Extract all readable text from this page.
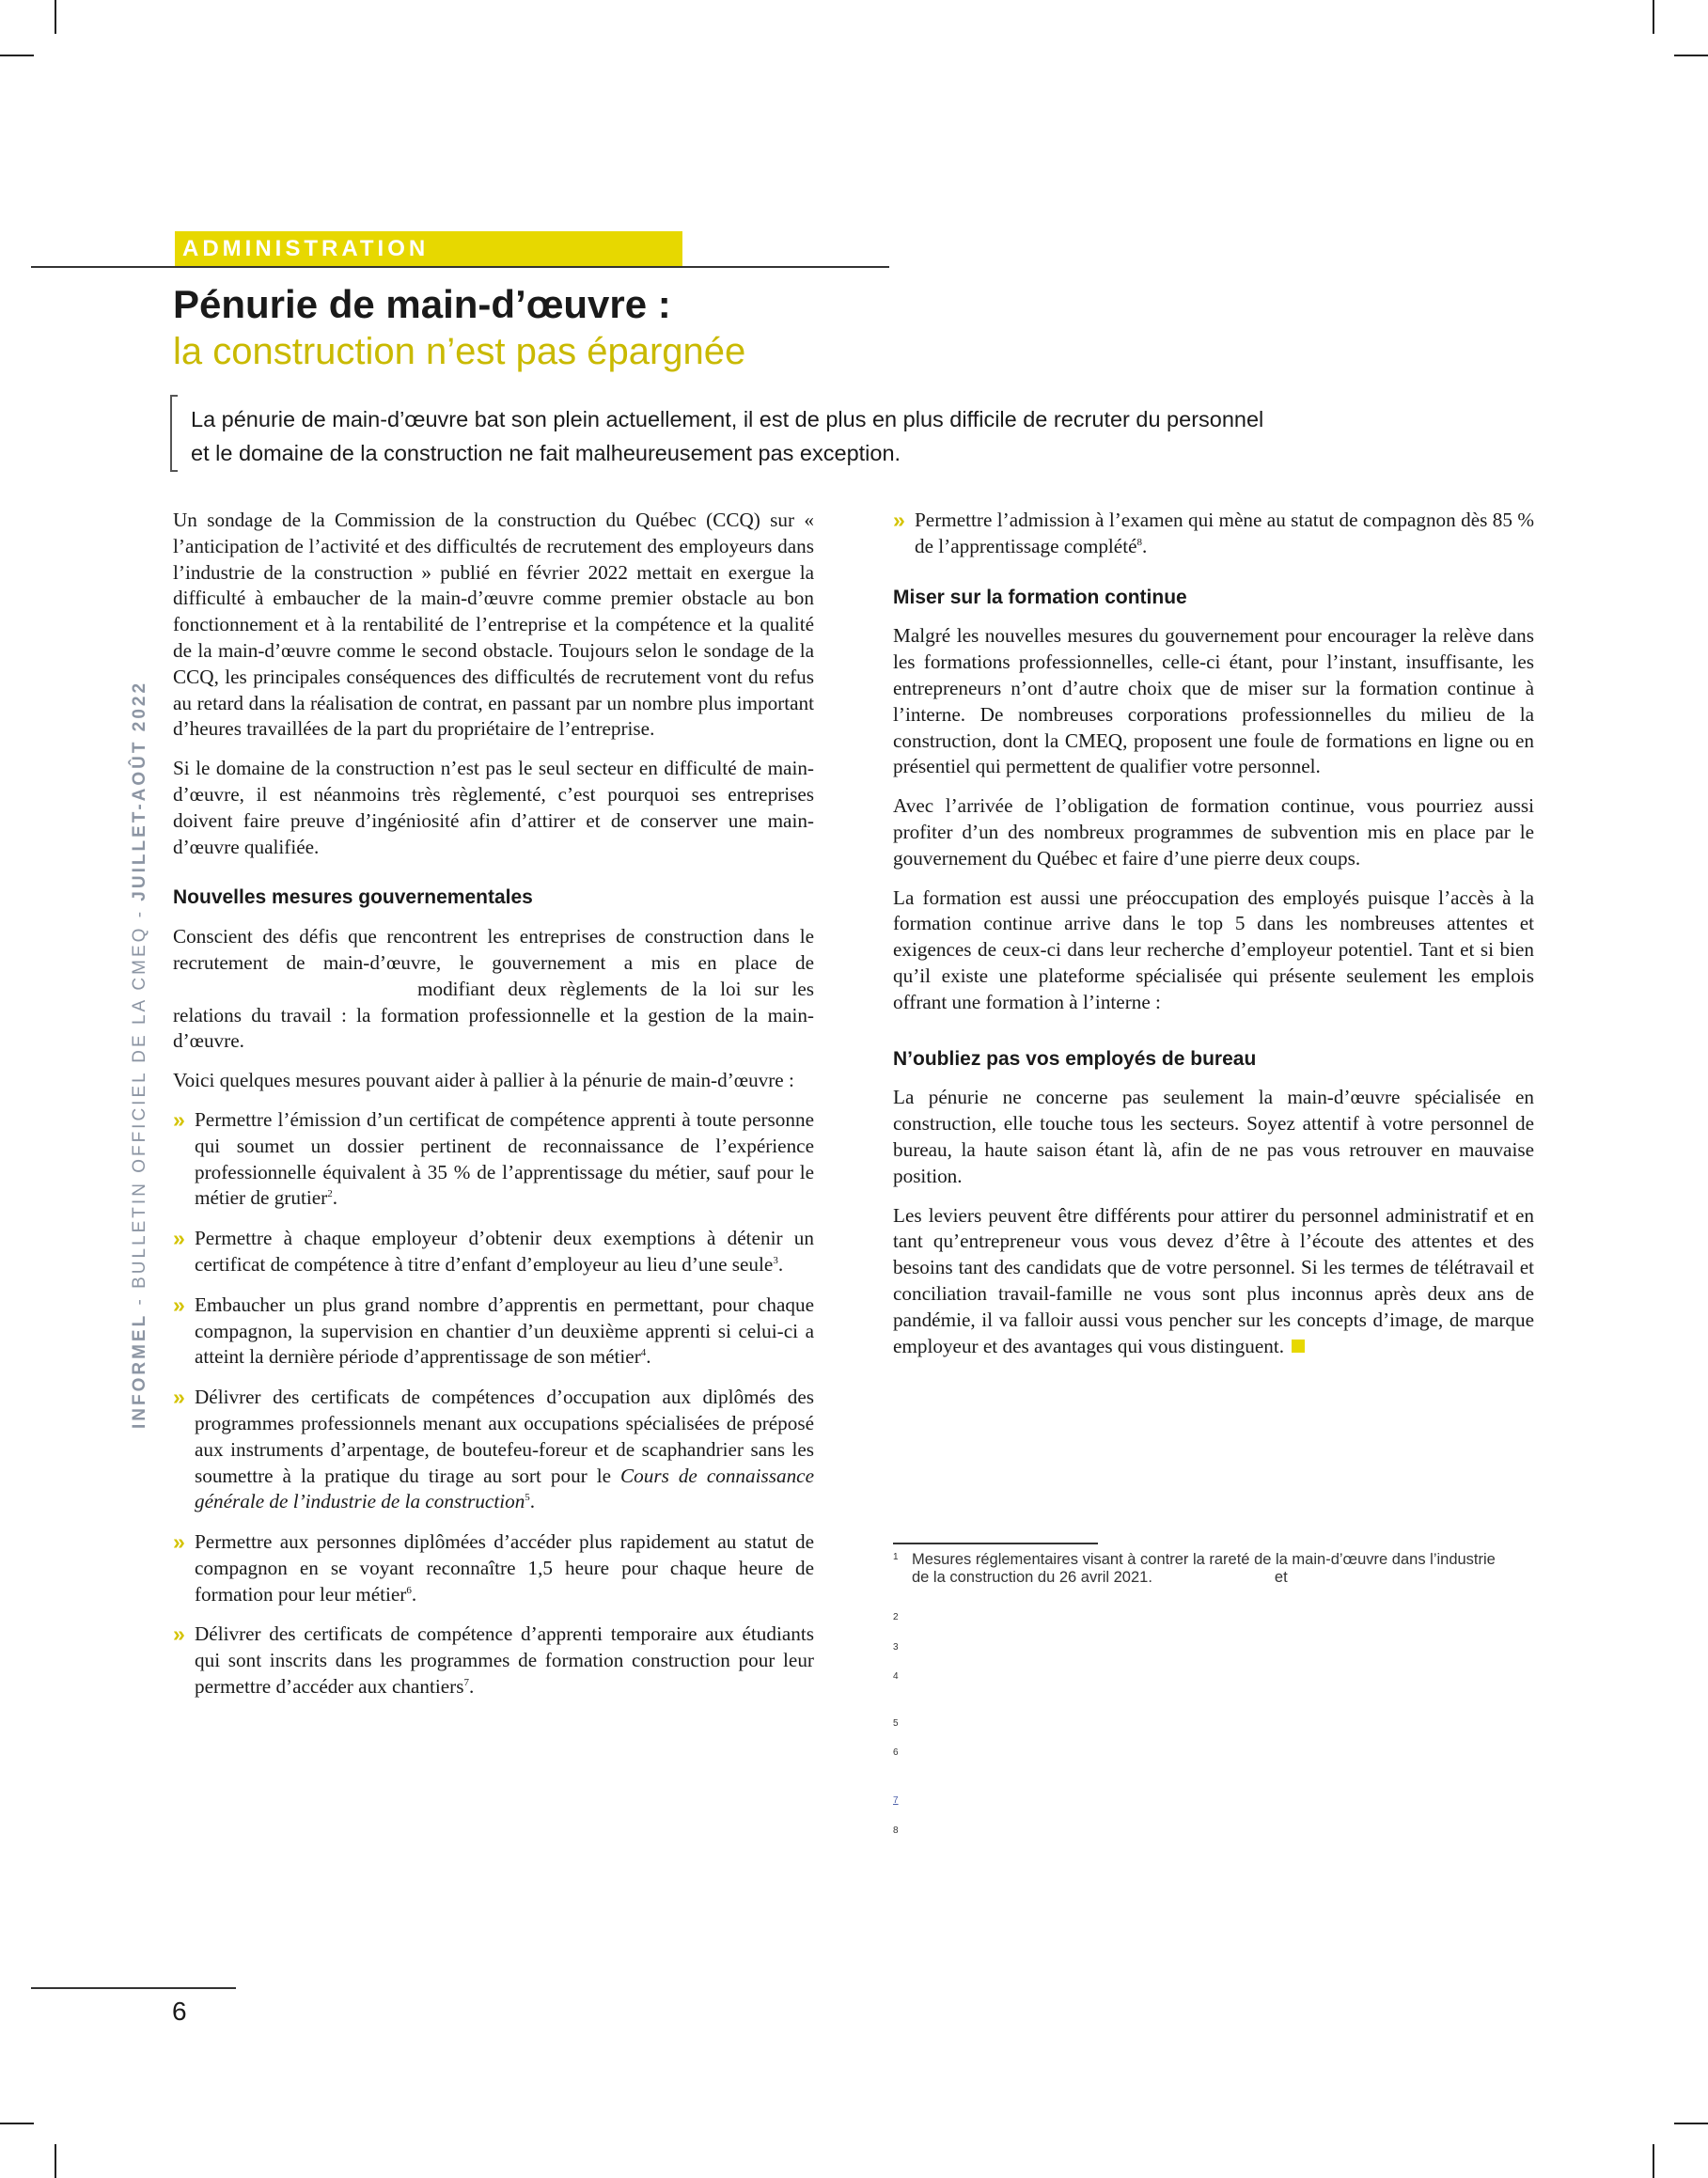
ADMINISTRATION
Pénurie de main-d’œuvre :
la construction n’est pas épargnée

La pénurie de main-d’œuvre bat son plein actuellement, il est de plus en plus difficile de recruter du personnel

et le domaine de la construction ne fait malheureusement pas exception.

Un sondage de la Commission de la construction du Québec (CCQ) sur « l’anticipation de l’activité et des difficultés de recrutement des employeurs dans l’industrie de la construction » publié en février 2022 mettait en exergue la difficulté à embaucher de la main-d’œuvre comme premier obstacle au bon fonctionnement et à la rentabilité de l’entreprise et la compétence et la qualité de la main-d’œuvre comme le second obstacle. Toujours selon le sondage de la CCQ, les principales conséquences des difficultés de recrutement vont du refus au retard dans la réalisation de contrat, en passant par un nombre plus important d’heures travaillées de la part du propriétaire de l’entreprise.

Si le domaine de la construction n’est pas le seul secteur en difficulté de main-d’œuvre, il est néanmoins très règlementé, c’est pourquoi ses entreprises doivent faire preuve d’ingéniosité afin d’attirer et de conserver une main-d’œuvre qualifiée.

Nouvelles mesures gouvernementales

Conscient des défis que rencontrent les entreprises de construction dans le recrutement de main-d’œuvre, le gouvernement a mis en place demodifiant deux règlements de la loi sur les relations du travail : la formation professionnelle et la gestion de la main-d’œuvre.

Voici quelques mesures pouvant aider à pallier à la pénurie de main-d’œuvre :

» Permettre l’émission d’un certificat de compétence apprenti à toute personne qui soumet un dossier pertinent de reconnaissance de l’expérience professionnelle équivalent à 35 % de l’apprentissage du métier, sauf pour le métier de grutier$^2$.
» Permettre à chaque employeur d’obtenir deux exemptions à détenir un certificat de compétence à titre d’enfant d’employeur au lieu d’une seule$^3$.
» Embaucher un plus grand nombre d’apprentis en permettant, pour chaque compagnon, la supervision en chantier d’un deuxième apprenti si celui-ci a atteint la dernière période d’apprentissage de son métier$^4$.
» Délivrer des certificats de compétences d’occupation aux diplômés des programmes professionnels menant aux occupations spécialisées de préposé aux instruments d’arpentage, de boutefeu-foreur et de scaphandrier sans les soumettre à la pratique du tirage au sort pour le Cours de connaissance générale de l’industrie de la construction$^5$.
» Permettre aux personnes diplômées d’accéder plus rapidement au statut de compagnon en se voyant reconnaître 1,5 heure pour chaque heure de formation pour leur métier$^6$.
» Délivrer des certificats de compétence d’apprenti temporaire aux étudiants qui sont inscrits dans les programmes de formation construction pour leur permettre d’accéder aux chantiers$^7$.
» Permettre l’admission à l’examen qui mène au statut de compagnon dès 85 % de l’apprentissage complété$^8$.
Miser sur la formation continue

Malgré les nouvelles mesures du gouvernement pour encourager la relève dans les formations professionnelles, celle-ci étant, pour l’instant, insuffisante, les entrepreneurs n’ont d’autre choix que de miser sur la formation continue à l’interne. De nombreuses corporations professionnelles du milieu de la construction, dont la CMEQ, proposent une foule de formations en ligne ou en présentiel qui permettent de qualifier votre personnel.

Avec l’arrivée de l’obligation de formation continue, vous pourriez aussi profiter d’un des nombreux programmes de subvention mis en place par le gouvernement du Québec et faire d’une pierre deux coups.

La formation est aussi une préoccupation des employés puisque l’accès à la formation continue arrive dans le top 5 dans les nombreuses attentes et exigences de ceux-ci dans leur recherche d’employeur potentiel. Tant et si bien qu’il existe une plateforme spécialisée qui présente seulement les emplois offrant une formation à l’interne :

N’oubliez pas vos employés de bureau

La pénurie ne concerne pas seulement la main-d’œuvre spécialisée en construction, elle touche tous les secteurs. Soyez attentif à votre personnel de bureau, la haute saison étant là, afin de ne pas vous retrouver en mauvaise position.

Les leviers peuvent être différents pour attirer du personnel administratif et en tant qu’entrepreneur vous vous devez d’être à l’écoute des attentes et des besoins tant des candidats que de votre personnel. Si les termes de télétravail et conciliation travail-famille ne vous sont plus inconnus après deux ans de pandémie, il va falloir aussi vous pencher sur les concepts d’image, de marque employeur et des avantages qui vous distinguent.

1 Mesures réglementaires visant à contrer la rareté de la main-d’œuvre dans l’industrie de la construction du 26 avril 2021.	et
2
3
4
5
6
7
8
INFORMEL - BULLETIN OFFICIEL DE LA CMEQ - JUILLET-AOÛT 2022
6
